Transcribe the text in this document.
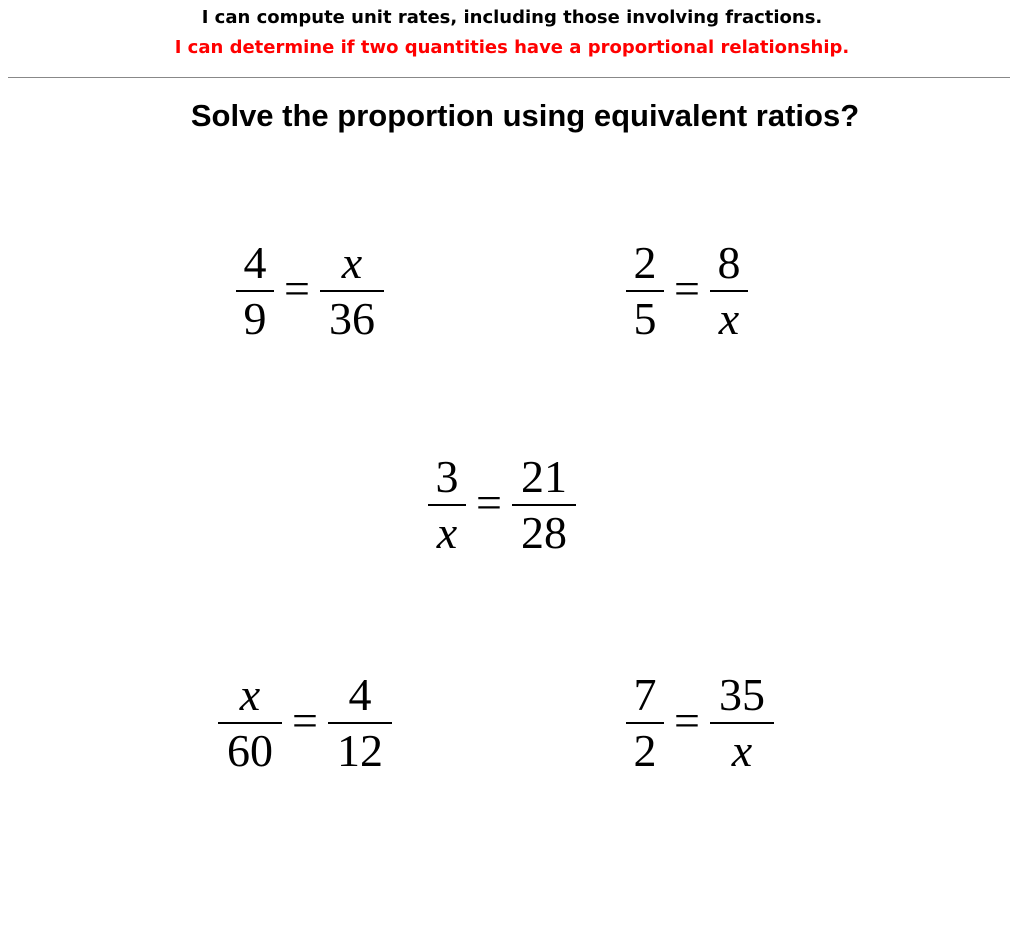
I can compute unit rates, including those involving fractions.
I can determine if two quantities have a proportional relationship.
Solve the proportion using equivalent ratios?
$\frac{4}{9} = \frac{x}{36}$	$\frac{2}{5} = \frac{8}{x}$
$\frac{3}{x} = \frac{21}{28}$
$\frac{x}{60} = \frac{4}{12}$	$\frac{7}{2} = \frac{35}{x}$
